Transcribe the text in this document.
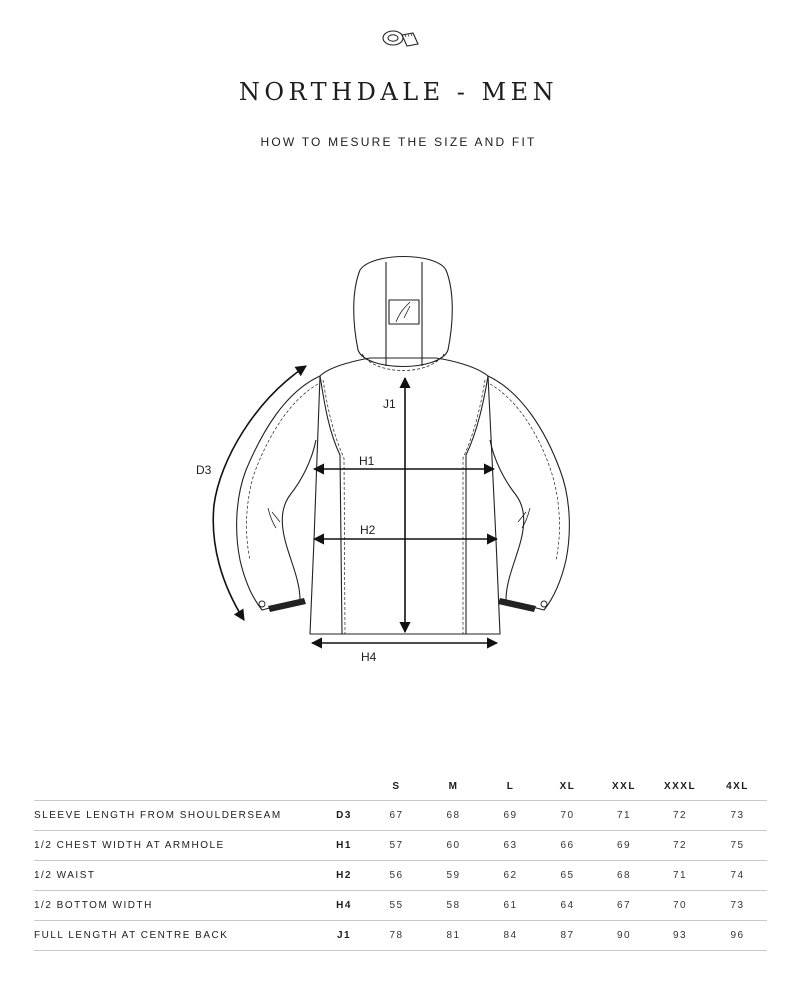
NORTHDALE - MEN
HOW TO MESURE THE SIZE AND FIT
D3
J1
H1
H2
H4
		S	M	L	XL	XXL	XXXL	4XL
SLEEVE LENGTH FROM SHOULDERSEAM	D3	67	68	69	70	71	72	73
1/2 CHEST WIDTH AT ARMHOLE	H1	57	60	63	66	69	72	75
1/2 WAIST	H2	56	59	62	65	68	71	74
1/2 BOTTOM WIDTH	H4	55	58	61	64	67	70	73
FULL LENGTH AT CENTRE BACK	J1	78	81	84	87	90	93	96
